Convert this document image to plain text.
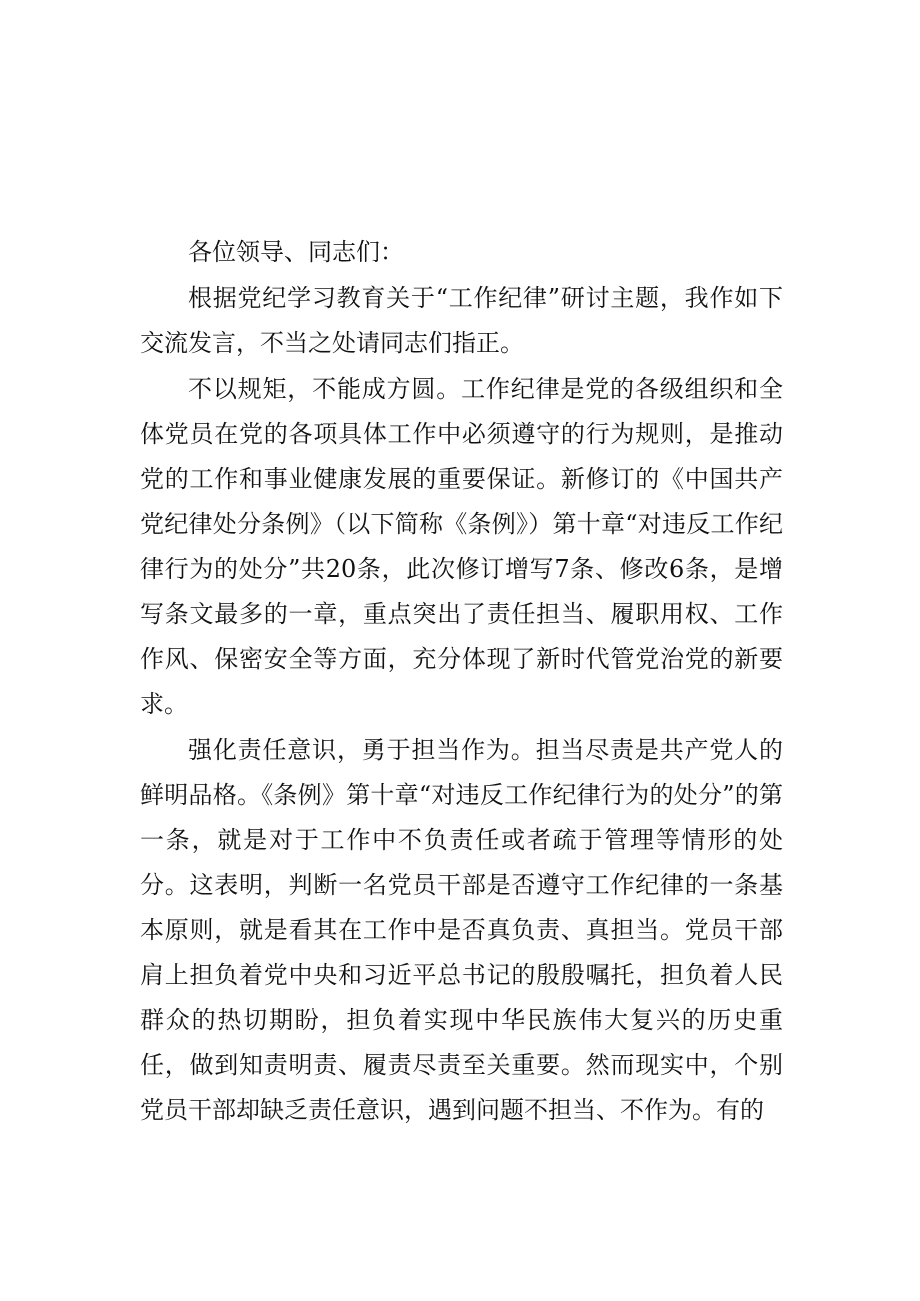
各位领导、同志们：

根据党纪学习教育关于“工作纪律”研讨主题，我作如下交流发言，不当之处请同志们指正。

不以规矩，不能成方圆。工作纪律是党的各级组织和全体党员在党的各项具体工作中必须遵守的行为规则，是推动党的工作和事业健康发展的重要保证。新修订的《中国共产党纪律处分条例》（以下简称《条例》）第十章“对违反工作纪律行为的处分”共20条，此次修订增写7条、修改6条，是增写条文最多的一章，重点突出了责任担当、履职用权、工作作风、保密安全等方面，充分体现了新时代管党治党的新要求。

强化责任意识，勇于担当作为。担当尽责是共产党人的鲜明品格。《条例》第十章“对违反工作纪律行为的处分”的第一条，就是对于工作中不负责任或者疏于管理等情形的处分。这表明，判断一名党员干部是否遵守工作纪律的一条基本原则，就是看其在工作中是否真负责、真担当。党员干部肩上担负着党中央和习近平总书记的殷殷嘱托，担负着人民群众的热切期盼，担负着实现中华民族伟大复兴的历史重任，做到知责明责、履责尽责至关重要。然而现实中，个别党员干部却缺乏责任意识，遇到问题不担当、不作为。有的
